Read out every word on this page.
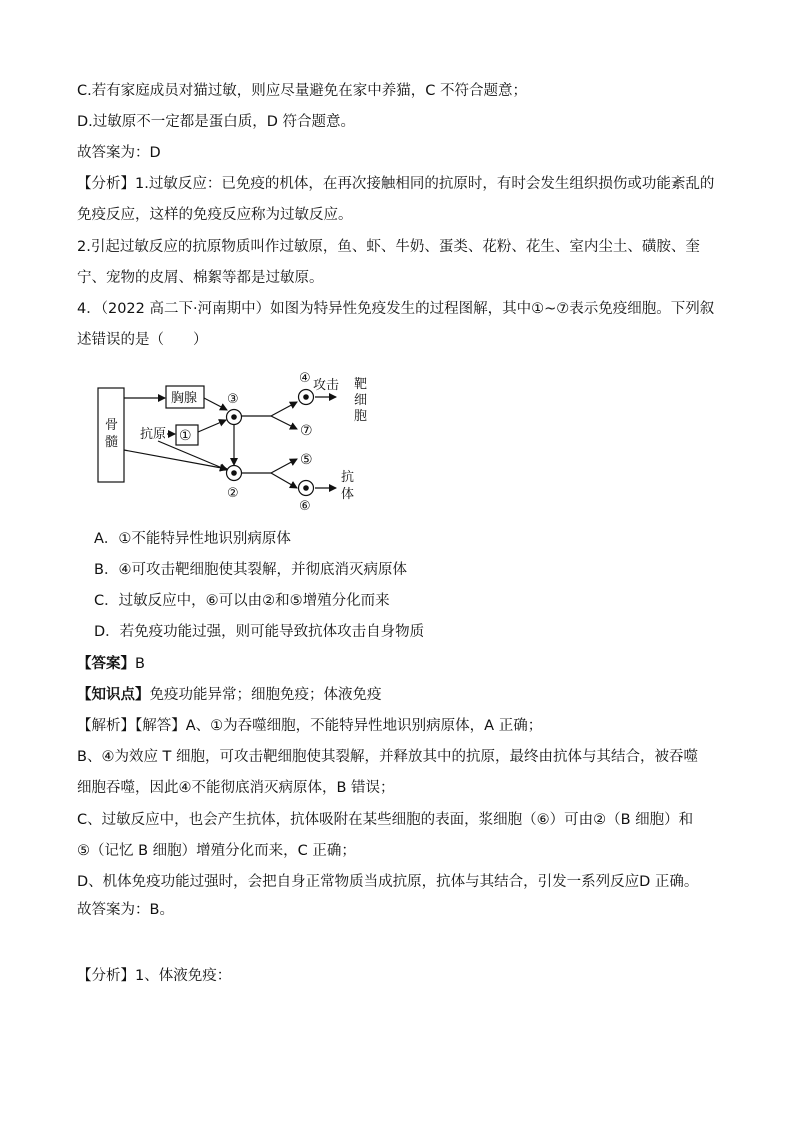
C.若有家庭成员对猫过敏，则应尽量避免在家中养猫，C 不符合题意；
D.过敏原不一定都是蛋白质，D 符合题意。
故答案为：D
【分析】1.过敏反应：已免疫的机体，在再次接触相同的抗原时，有时会发生组织损伤或功能紊乱的
免疫反应，这样的免疫反应称为过敏反应。
2.引起过敏反应的抗原物质叫作过敏原，鱼、虾、牛奶、蛋类、花粉、花生、室内尘土、磺胺、奎
宁、宠物的皮屑、棉絮等都是过敏原。
4．（2022 高二下·河南期中）如图为特异性免疫发生的过程图解，其中①~⑦表示免疫细胞。下列叙
述错误的是（　　）
骨
髓
胸腺
抗原 ①
③
②
④ 攻击 靶
细
胞
⑦
⑤
⑥
抗
体
A．①不能特异性地识别病原体
B．④可攻击靶细胞使其裂解，并彻底消灭病原体
C．过敏反应中，⑥可以由②和⑤增殖分化而来
D．若免疫功能过强，则可能导致抗体攻击自身物质
【答案】B
【知识点】免疫功能异常；细胞免疫；体液免疫
【解析】【解答】A、①为吞噬细胞，不能特异性地识别病原体，A 正确；
B、④为效应 T 细胞，可攻击靶细胞使其裂解，并释放其中的抗原，最终由抗体与其结合，被吞噬
细胞吞噬，因此④不能彻底消灭病原体，B 错误；
C、过敏反应中，也会产生抗体，抗体吸附在某些细胞的表面，浆细胞（⑥）可由②（B 细胞）和
⑤（记忆 B 细胞）增殖分化而来，C 正确；
D、机体免疫功能过强时，会把自身正常物质当成抗原，抗体与其结合，引发一系列反应D 正确。
故答案为：B。
【分析】1、体液免疫：
